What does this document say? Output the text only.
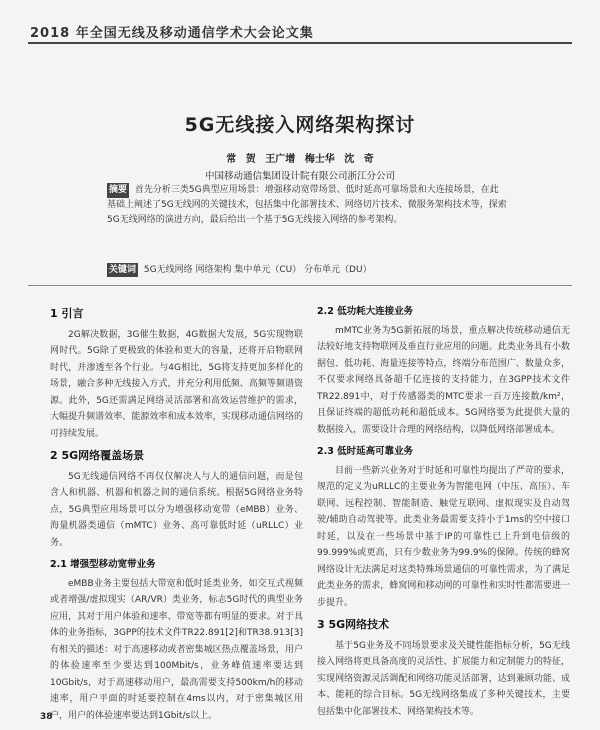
2018 年全国无线及移动通信学术大会论文集
5G无线接入网络架构探讨
常 贺 王广增 梅士华 沈 奇
中国移动通信集团设计院有限公司浙江分公司
摘要 首先分析三类5G典型应用场景：增强移动宽带场景、低时延高可靠场景和大连接场景，在此基础上阐述了5G无线网的关键技术，包括集中化部署技术、网络切片技术、微服务架构技术等，探索5G无线网络的演进方向，最后给出一个基于5G无线接入网络的参考架构。
关键词 5G无线网络 网络架构 集中单元（CU） 分布单元（DU）
1 引言

2G解决数据，3G催生数据，4G数据大发展，5G实现物联网时代。5G除了更极致的体验和更大的容量，还将开启物联网时代，并渗透至各个行业。与4G相比，5G将支持更加多样化的场景，融合多种无线接入方式，并充分利用低频、高频等频谱资源。此外，5G还需满足网络灵活部署和高效运营维护的需求，大幅提升频谱效率、能源效率和成本效率，实现移动通信网络的可持续发展。

2 5G网络覆盖场景

5G无线通信网络不再仅仅解决人与人的通信问题，而是包含人和机器、机器和机器之间的通信系统。根据5G网络业务特点，5G典型应用场景可以分为增强移动宽带（eMBB）业务、海量机器类通信（mMTC）业务、高可靠低时延（uRLLC）业务。

2.1 增强型移动宽带业务

eMBB业务主要包括大带宽和低时延类业务，如交互式视频或者增强/虚拟现实（AR/VR）类业务，标志5G时代的典型业务应用，其对于用户体验和速率、带宽等都有明显的要求。对于具体的业务指标，3GPP的技术文件TR22.891[2]和TR38.913[3]有相关的描述：对于高速移动或者密集城区热点覆盖场景，用户的体验速率至少要达到100Mbit/s，业务峰值速率要达到10Gbit/s，对于高速移动用户，最高需要支持500km/h的移动速率，用户平面的时延要控制在4ms以内，对于密集城区用户，用户的体验速率要达到1Gbit/s以上。

2.2 低功耗大连接业务

mMTC业务为5G新拓展的场景，重点解决传统移动通信无法较好地支持物联网及垂直行业应用的问题。此类业务具有小数据包、低功耗、海量连接等特点，终端分布范围广、数量众多，不仅要求网络具备超千亿连接的支持能力，在3GPP技术文件TR22.891中，对于传感器类的MTC要求一百万连接数/km²，且保证终端的超低功耗和超低成本。5G网络要为此提供大量的数据接入，需要设计合理的网络结构，以降低网络部署成本。

2.3 低时延高可靠业务

目前一些新兴业务对于时延和可靠性均提出了严苛的要求，规范的定义为uRLLC的主要业务为智能电网（中压、高压）、车联网、远程控制、智能制造、触觉互联网、虚拟现实及自动驾驶/辅助自动驾驶等。此类业务最需要支持小于1ms的空中接口时延，以及在一些场景中基于IP的可靠性已上升到电信级的99.999%或更高，只有少数业务为99.9%的保障。传统的蜂窝网络设计无法满足对这类特殊场景通信的可靠性需求，为了满足此类业务的需求，蜂窝网和移动网的可靠性和实时性都需要进一步提升。

3 5G网络技术

基于5G业务及不同场景要求及关键性能指标分析，5G无线接入网络将更具备高度的灵活性、扩展能力和定制能力的特征，实现网络资源灵活调配和网络功能灵活部署，达到兼顾功能、成本、能耗的综合目标。5G无线网络集成了多种关键技术，主要包括集中化部署技术、网络架构技术等。

38
